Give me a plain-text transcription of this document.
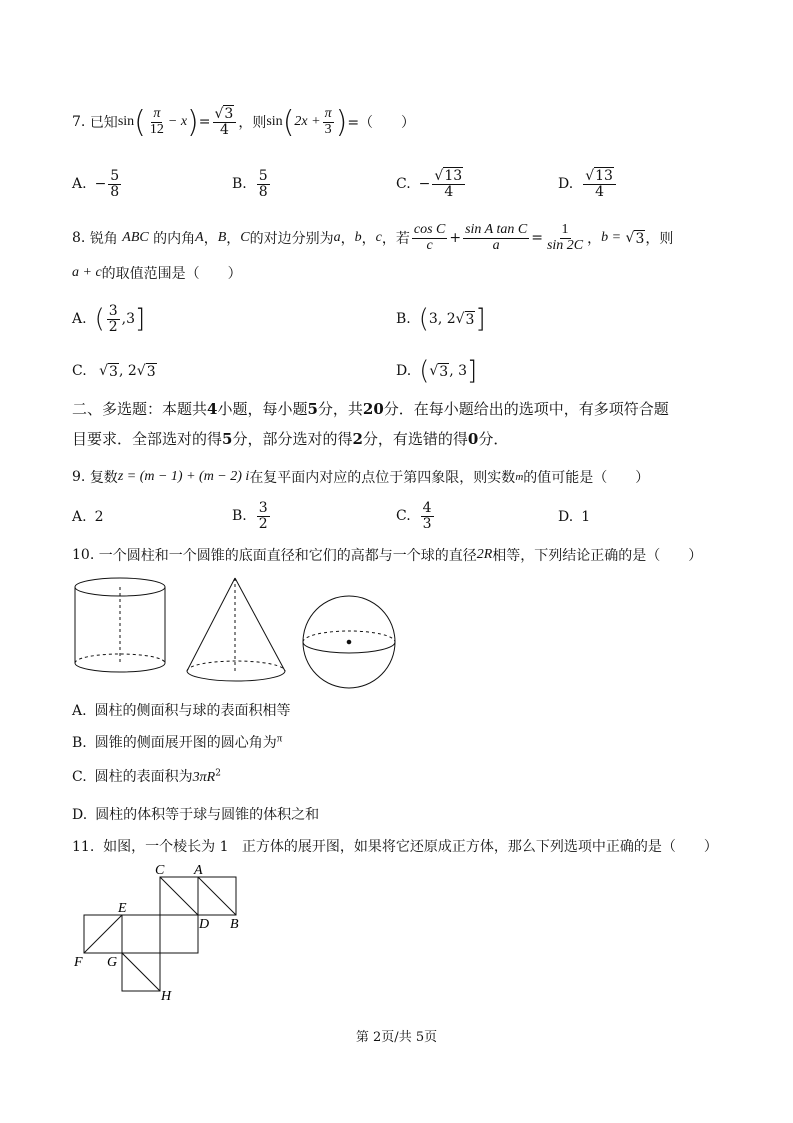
7.
已知 sin ( $\frac{\pi}{12} - x$ ) = $\frac{√3}{4}$ ，则 sin ( $2x + \frac{\pi}{3}$ ) =（　　）
A. − $\frac{5}{8}$	B. $\frac{5}{8}$	C. − $\frac{√13}{4}$	D. $\frac{√13}{4}$
8.
锐角
ABC
的内角 A ， B ， C 的对边分别为 a ， b ， c ，若 $\frac{\text{cos C}}{c} + \frac{\text{sin A tan C}}{a} = \frac{1}{\sin 2C}$ ， b = √ 3 ，则
a + c 的取值范围是（　　）
A. ( $\frac{3}{2} ,3$ ]	B. ( 3, 2 √ 3 ]
C. √ 3 , 2 √ 3	D. ( √ 3 , 3 ]
二、多选题：本题共4小题，每小题5分，共20分．在每小题给出的选项中，有多项符合题
目要求．全部选对的得5分，部分选对的得2分，有选错的得0分．
9.
复数 z = (m − 1) + (m − 2) i 在复平面内对应的点位于第四象限，则实数 m 的值可能是（　　）
A. 2	B. $\frac{3}{2}$	C. $\frac{4}{3}$	D. 1
10.
一个圆柱和一个圆锥的底面直径和它们的高都与一个球的直径 2R 相等，下列结论正确的是（　　）
A. 圆柱的侧面积与球的表面积相等
B. 圆锥的侧面展开图的圆心角为$^\pi$
C. 圆柱的表面积为$3\pi R^2$
D. 圆柱的体积等于球与圆锥的体积之和
11. 如图，一个棱长为 1 正方体的展开图，如果将它还原成正方体，那么下列选项中正确的是（　　）
C A
E
D B
F G
H
第 2页/共 5页
